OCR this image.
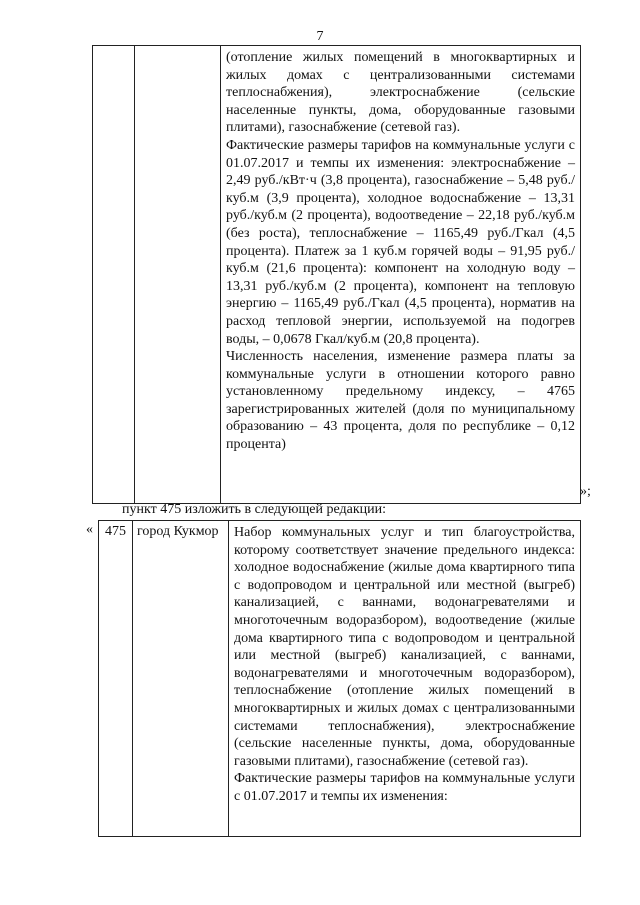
7

(отопление жилых помещений в многоквартирных и жилых домах с централизованными системами теплоснабжения), электроснабжение (сельские населенные пункты, дома, оборудованные газовыми плитами), газоснабжение (сетевой газ).

Фактические размеры тарифов на коммунальные услуги с 01.07.2017 и темпы их изменения: электроснабжение – 2,49 руб./кВт·ч (3,8 процента), газоснабжение – 5,48 руб./куб.м (3,9 процента), холодное водоснабжение – 13,31 руб./куб.м (2 процента), водоотведение – 22,18 руб./куб.м (без роста), теплоснабжение – 1165,49 руб./Гкал (4,5 процента). Платеж за 1 куб.м горячей воды – 91,95 руб./куб.м (21,6 процента): компонент на холодную воду – 13,31 руб./куб.м (2 процента), компонент на тепловую энергию – 1165,49 руб./Гкал (4,5 процента), норматив на расход тепловой энергии, используемой на подогрев воды, – 0,0678 Гкал/куб.м (20,8 процента).

Численность населения, изменение размера платы за коммунальные услуги в отношении которого равно установленному предельному индексу, – 4765 зарегистрированных жителей (доля по муниципальному образованию – 43 процента, доля по республике – 0,12 процента)

»;
пункт 475 изложить в следующей редакции:
« 475	город Кукмор	Набор коммунальных услуг и тип благоустройства, которому соответствует значение предельного индекса: холодное водоснабжение (жилые дома квартирного типа с водопроводом и центральной или местной (выгреб) канализацией, с ваннами, водонагревателями и многоточечным водоразбором), водоотведение (жилые дома квартирного типа с водопроводом и центральной или местной (выгреб) канализацией, с ваннами, водонагревателями и многоточечным водоразбором), теплоснабжение (отопление жилых помещений в многоквартирных и жилых домах с централизованными системами теплоснабжения), электроснабжение (сельские населенные пункты, дома, оборудованные газовыми плитами), газоснабжение (сетевой газ).

Фактические размеры тарифов на коммунальные услуги с 01.07.2017 и темпы их изменения:
